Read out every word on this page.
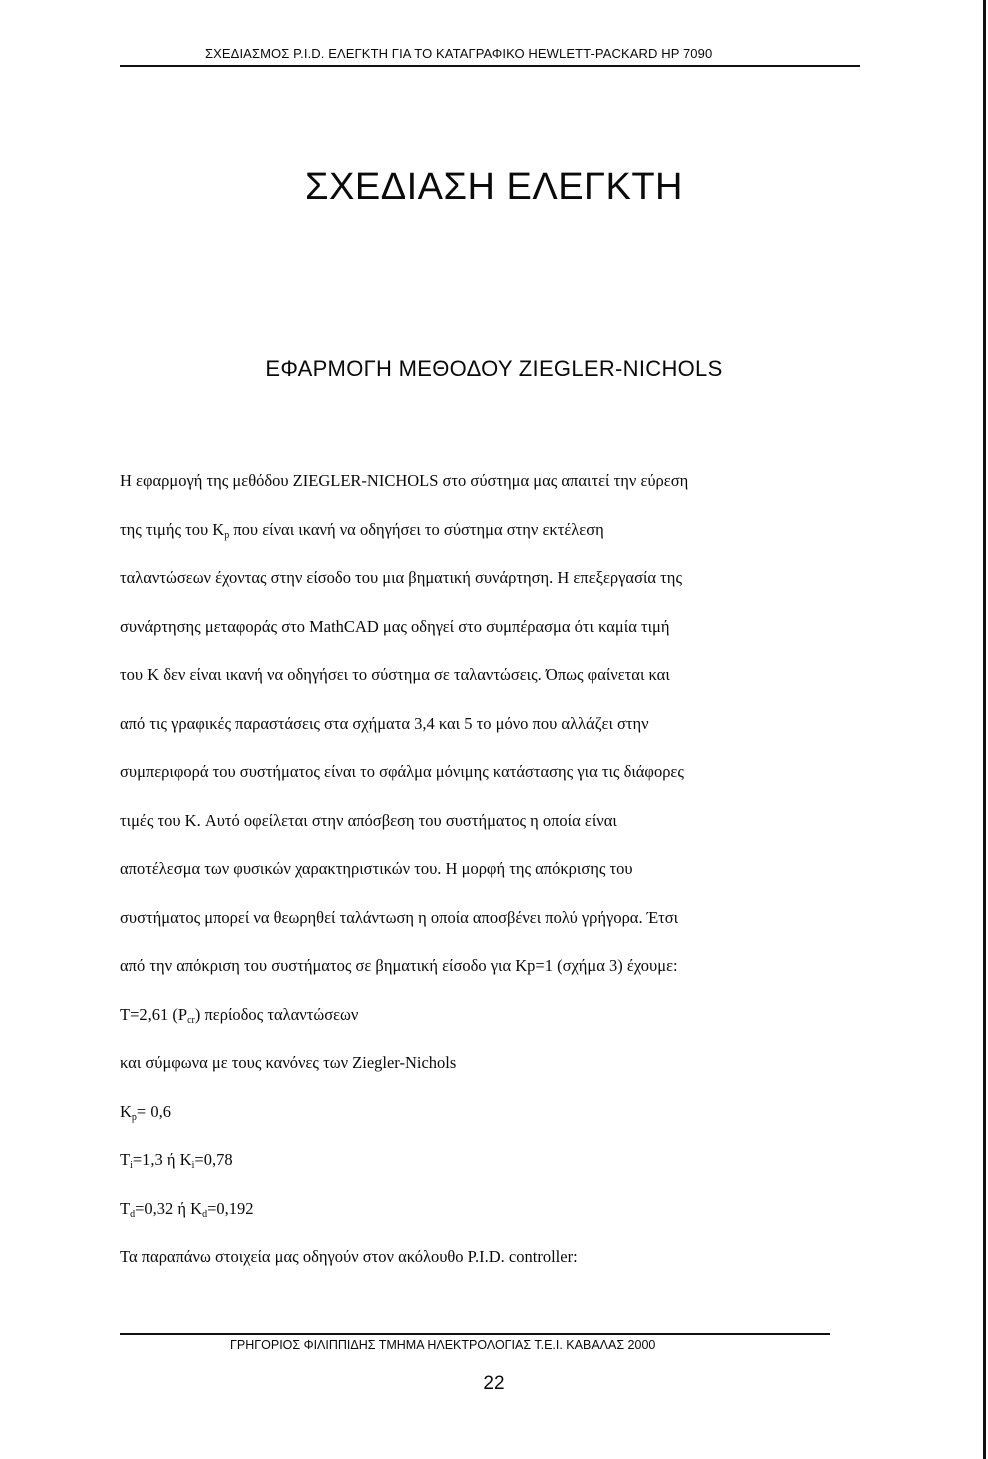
ΣΧΕΔΙΑΣΜΟΣ P.I.D. ΕΛΕΓΚΤΗ ΓΙΑ ΤΟ ΚΑΤΑΓΡΑΦΙΚΟ HEWLETT-PACKARD HP 7090
ΣΧΕΔΙΑΣΗ ΕΛΕΓΚΤΗ
ΕΦΑΡΜΟΓΗ ΜΕΘΟΔΟΥ ZIEGLER-NICHOLS
Η εφαρμογή της μεθόδου ZIEGLER-NICHOLS στο σύστημα μας απαιτεί την εύρεση
της τιμής του $K_p$ που είναι ικανή να οδηγήσει το σύστημα στην εκτέλεση
ταλαντώσεων έχοντας στην είσοδο του μια βηματική συνάρτηση. Η επεξεργασία της
συνάρτησης μεταφοράς στο MathCAD μας οδηγεί στο συμπέρασμα ότι καμία τιμή
του K δεν είναι ικανή να οδηγήσει το σύστημα σε ταλαντώσεις. Όπως φαίνεται και
από τις γραφικές παραστάσεις στα σχήματα 3,4 και 5 το μόνο που αλλάζει στην
συμπεριφορά του συστήματος είναι το σφάλμα μόνιμης κατάστασης για τις διάφορες
τιμές του K. Αυτό οφείλεται στην απόσβεση του συστήματος η οποία είναι
αποτέλεσμα των φυσικών χαρακτηριστικών του. Η μορφή της απόκρισης του
συστήματος μπορεί να θεωρηθεί ταλάντωση η οποία αποσβένει πολύ γρήγορα. Έτσι
από την απόκριση του συστήματος σε βηματική είσοδο για Kp=1 (σχήμα 3) έχουμε:
T=2,61 $(P_{cr})$ περίοδος ταλαντώσεων
και σύμφωνα με τους κανόνες των Ziegler-Nichols
$K_p= 0,6$
$T_i=1,3$ ή $K_i=0,78$
$T_d=0,32$ ή $K_d=0,192$
Τα παραπάνω στοιχεία μας οδηγούν στον ακόλουθο P.I.D. controller:
ΓΡΗΓΟΡΙΟΣ ΦΙΛΙΠΠΙΔΗΣ ΤΜΗΜΑ ΗΛΕΚΤΡΟΛΟΓΙΑΣ Τ.Ε.Ι. ΚΑΒΑΛΑΣ 2000
22
